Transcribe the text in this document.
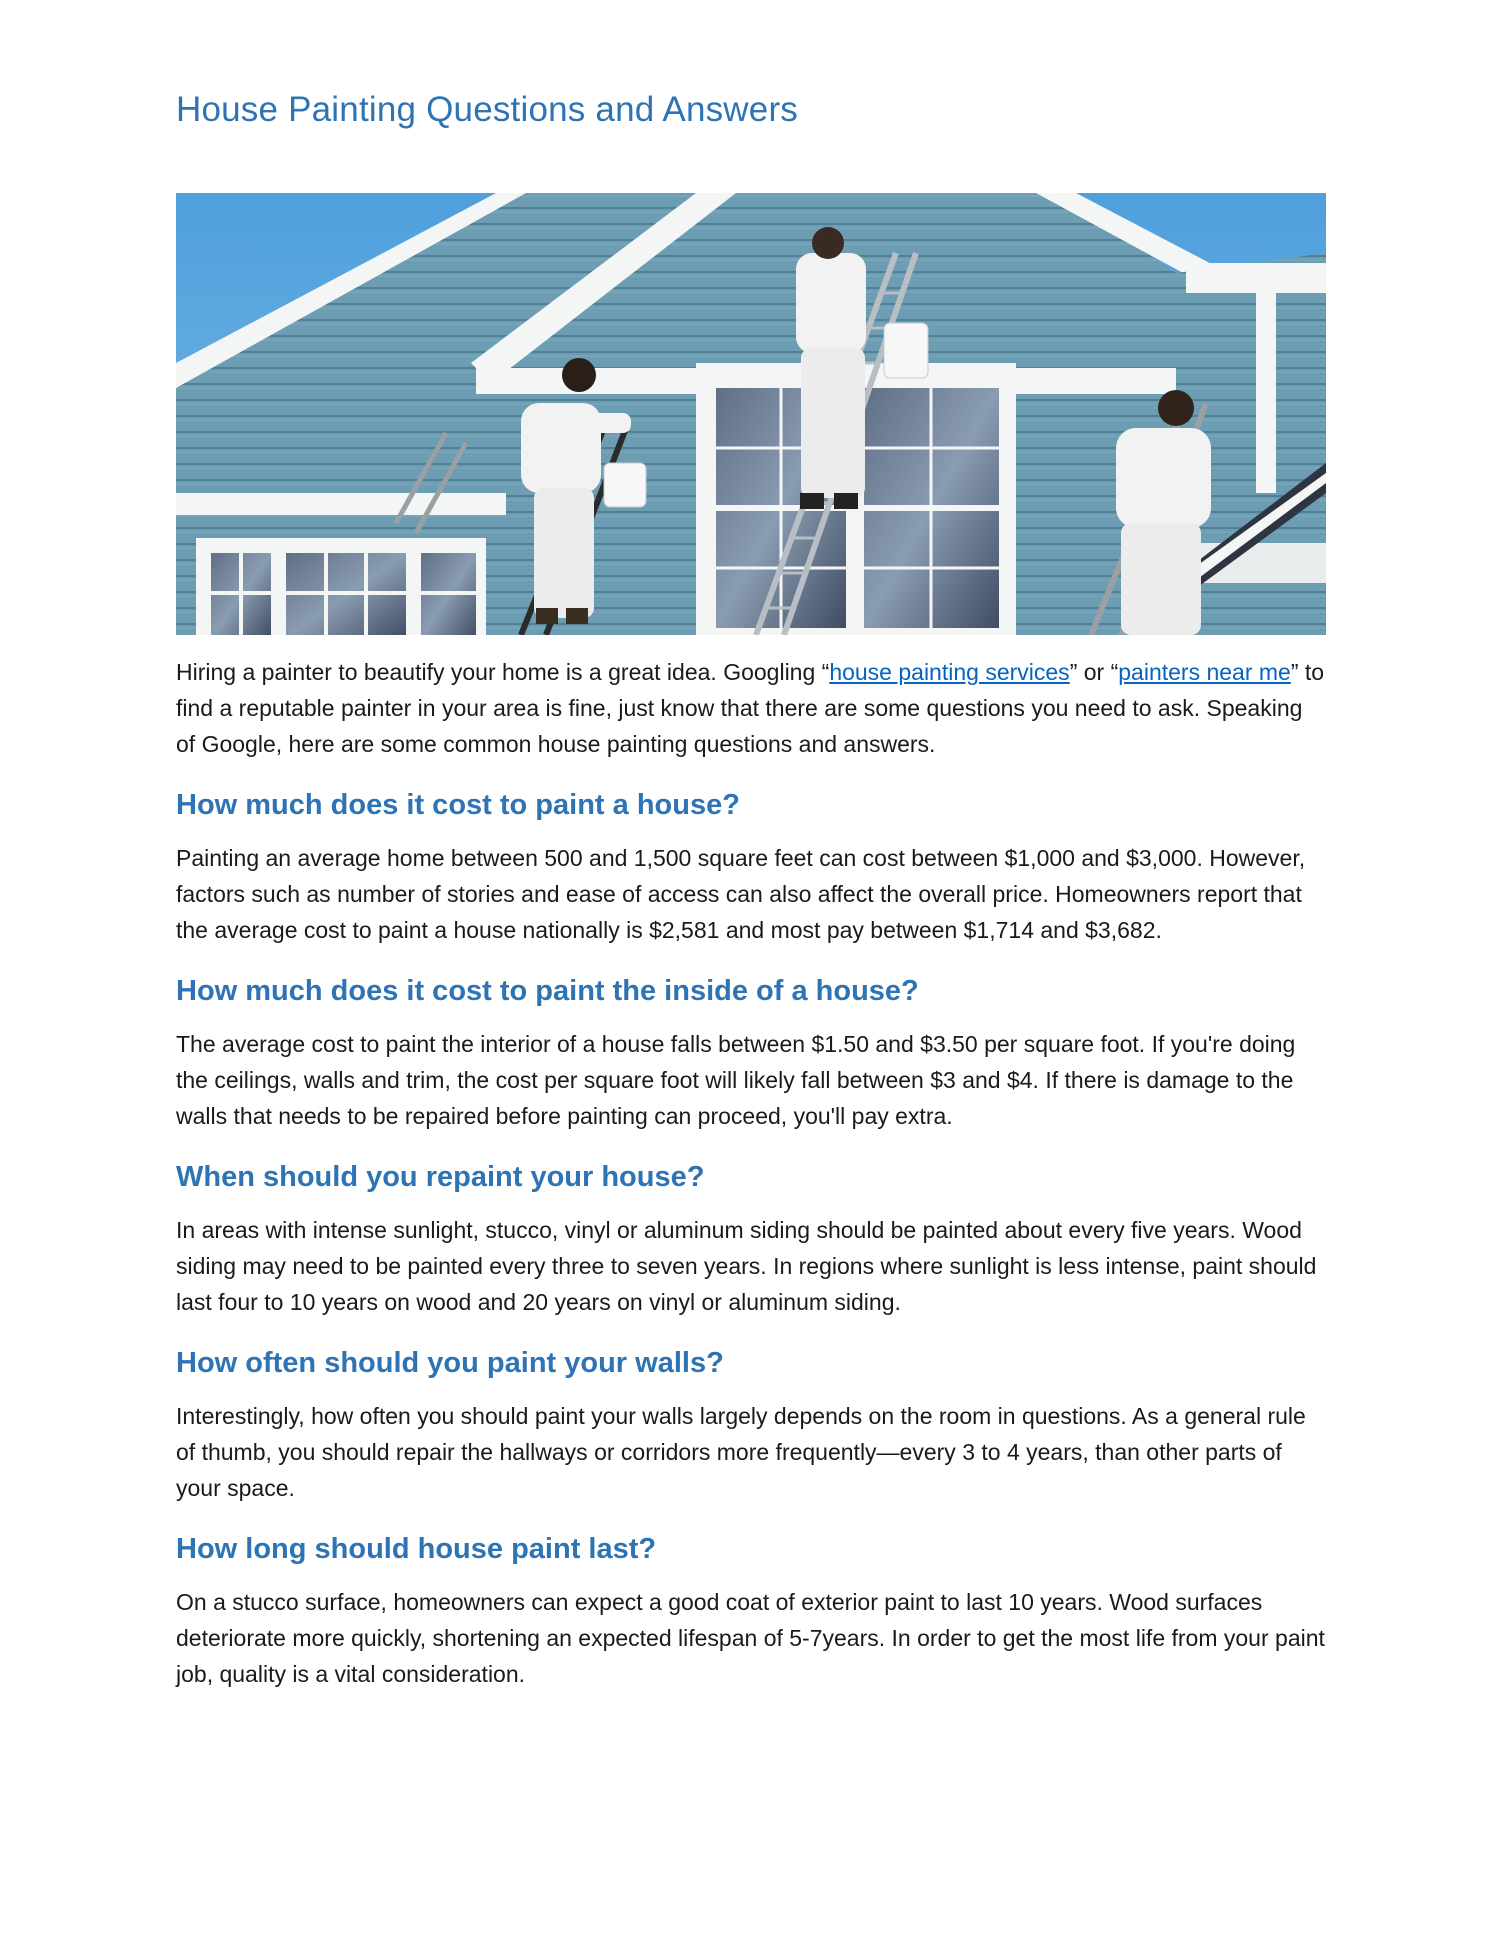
House Painting Questions and Answers

Hiring a painter to beautify your home is a great idea. Googling “house painting services” or “painters near me” to find a reputable painter in your area is fine, just know that there are some questions you need to ask. Speaking of Google, here are some common house painting questions and answers.

How much does it cost to paint a house?

Painting an average home between 500 and 1,500 square feet can cost between $1,000 and $3,000. However, factors such as number of stories and ease of access can also affect the overall price. Homeowners report that the average cost to paint a house nationally is $2,581 and most pay between $1,714 and $3,682.

How much does it cost to paint the inside of a house?

The average cost to paint the interior of a house falls between $1.50 and $3.50 per square foot. If you're doing the ceilings, walls and trim, the cost per square foot will likely fall between $3 and $4. If there is damage to the walls that needs to be repaired before painting can proceed, you'll pay extra.

When should you repaint your house?

In areas with intense sunlight, stucco, vinyl or aluminum siding should be painted about every five years. Wood siding may need to be painted every three to seven years. In regions where sunlight is less intense, paint should last four to 10 years on wood and 20 years on vinyl or aluminum siding.

How often should you paint your walls?

Interestingly, how often you should paint your walls largely depends on the room in questions. As a general rule of thumb, you should repair the hallways or corridors more frequently—every 3 to 4 years, than other parts of your space.

How long should house paint last?

On a stucco surface, homeowners can expect a good coat of exterior paint to last 10 years. Wood surfaces deteriorate more quickly, shortening an expected lifespan of 5-7years. In order to get the most life from your paint job, quality is a vital consideration.
